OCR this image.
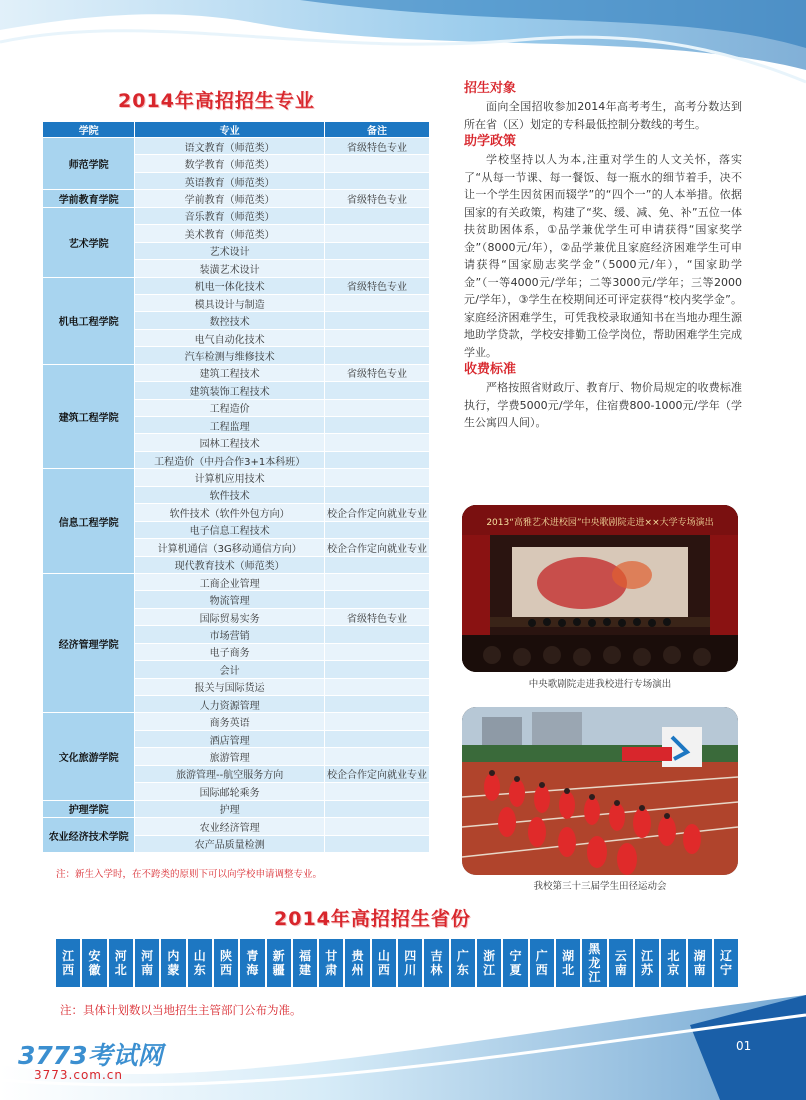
2014年高招招生专业
学院	专业	备注
师范学院	语文教育（师范类）	省级特色专业
	数学教育（师范类）	
	英语教育（师范类）	
学前教育学院	学前教育（师范类）	省级特色专业
艺术学院	音乐教育（师范类）	
	美术教育（师范类）	
	艺术设计	
	装潢艺术设计	
机电工程学院	机电一体化技术	省级特色专业
	模具设计与制造	
	数控技术	
	电气自动化技术	
	汽车检测与维修技术	
建筑工程学院	建筑工程技术	省级特色专业
	建筑装饰工程技术	
	工程造价	
	工程监理	
	园林工程技术	
	工程造价（中丹合作3+1本科班）	
信息工程学院	计算机应用技术	
	软件技术	
	软件技术（软件外包方向）	校企合作定向就业专业
	电子信息工程技术	
	计算机通信（3G移动通信方向）	校企合作定向就业专业
	现代教育技术（师范类）	
经济管理学院	工商企业管理	
	物流管理	
	国际贸易实务	省级特色专业
	市场营销	
	电子商务	
	会计	
	报关与国际货运	
	人力资源管理	
文化旅游学院	商务英语	
	酒店管理	
	旅游管理	
	旅游管理--航空服务方向	校企合作定向就业专业
	国际邮轮乘务	
护理学院	护理	
农业经济技术学院	农业经济管理	
	农产品质量检测	
注：新生入学时，在不跨类的原则下可以向学校申请调整专业。
招生对象

面向全国招收参加2014年高考考生，高考分数达到所在省（区）划定的专科最低控制分数线的考生。

助学政策

学校坚持以人为本,注重对学生的人文关怀，落实了“从每一节课、每一餐饭、每一瓶水的细节着手，决不让一个学生因贫困而辍学”的“四个一”的人本举措。依据国家的有关政策，构建了“奖、缓、减、免、补”五位一体扶贫助困体系，①品学兼优学生可申请获得“国家奖学金”（8000元/年），②品学兼优且家庭经济困难学生可申请获得“国家励志奖学金”（5000元/年），“国家助学金”（一等4000元/学年；二等3000元/学年；三等2000元/学年），③学生在校期间还可评定获得“校内奖学金”。家庭经济困难学生，可凭我校录取通知书在当地办理生源地助学贷款，学校安排勤工俭学岗位，帮助困难学生完成学业。

收费标准

严格按照省财政厅、教育厅、物价局规定的收费标准执行，学费5000元/学年，住宿费800-1000元/学年（学生公寓四人间）。

2013“高雅艺术进校园”中央歌剧院走进××大学专场演出
中央歌剧院走进我校进行专场演出
我校第三十三届学生田径运动会
2014年高招招生省份
江
西
安
徽
河
北
河
南
内
蒙
山
东
陕
西
青
海
新
疆
福
建
甘
肃
贵
州
山
西
四
川
吉
林
广
东
浙
江
宁
夏
广
西
湖
北
黑
龙
江
云
南
江
苏
北
京
湖
南
辽
宁
注：具体计划数以当地招生主管部门公布为准。
3773考试网
3773.com.cn
01
